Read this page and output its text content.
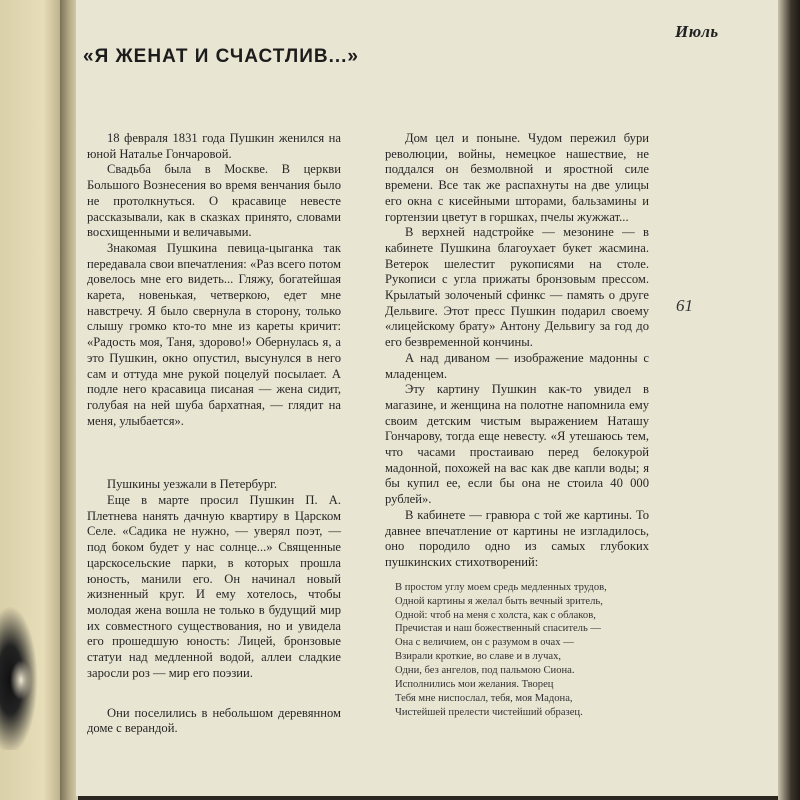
Июль
«Я ЖЕНАТ И СЧАСТЛИВ...»
61

18 февраля 1831 года Пушкин женился на юной Наталье Гончаровой.

Свадьба была в Москве. В церкви Большого Вознесения во время венчания было не протолкнуться. О красавице невесте рассказывали, как в сказках принято, словами восхищенными и величавыми.

Знакомая Пушкина певица-цыганка так передавала свои впечатления: «Раз всего потом довелось мне его видеть... Гляжу, богатейшая карета, новенькая, четверкою, едет мне навстречу. Я было свернула в сторону, только слышу громко кто-то мне из кареты кричит: «Радость моя, Таня, здорово!» Обернулась я, а это Пушкин, окно опустил, высунулся в него сам и оттуда мне рукой поцелуй посылает. А подле него красавица писаная — жена сидит, голубая на ней шуба бархатная, — глядит на меня, улыбается».

Пушкины уезжали в Петербург.

Еще в марте просил Пушкин П. А. Плетнева нанять дачную квартиру в Царском Селе. «Садика не нужно, — уверял поэт, — под боком будет у нас солнце...» Священные царскосельские парки, в которых прошла юность, манили его. Он начинал новый жизненный круг. И ему хотелось, чтобы молодая жена вошла не только в будущий мир их совместного существования, но и увидела его прошедшую юность: Лицей, бронзовые статуи над медленной водой, аллеи сладкие заросли роз — мир его поэзии.

Они поселились в небольшом деревянном доме с верандой.

Дом цел и поныне. Чудом пережил бури революции, войны, немецкое нашествие, не поддался он безмолвной и яростной силе времени. Все так же распахнуты на две улицы его окна с кисейными шторами, бальзамины и гортензии цветут в горшках, пчелы жужжат...

В верхней надстройке — мезонине — в кабинете Пушкина благоухает букет жасмина. Ветерок шелестит рукописями на столе. Рукописи с угла прижаты бронзовым прессом. Крылатый золоченый сфинкс — память о друге Дельвиге. Этот пресс Пушкин подарил своему «лицейскому брату» Антону Дельвигу за год до его безвременной кончины.

А над диваном — изображение мадонны с младенцем.

Эту картину Пушкин как-то увидел в магазине, и женщина на полотне напомнила ему своим детским чистым выражением Наташу Гончарову, тогда еще невесту. «Я утешаюсь тем, что часами простаиваю перед белокурой мадонной, похожей на вас как две капли воды; я бы купил ее, если бы она не стоила 40 000 рублей».

В кабинете — гравюра с той же картины. То давнее впечатление от картины не изгладилось, оно породило одно из самых глубоких пушкинских стихотворений:

В простом углу моем средь медленных трудов,
Одной картины я желал быть вечный зритель,
Одной: чтоб на меня с холста, как с облаков,
Пречистая и наш божественный спаситель —
Она с величием, он с разумом в очах —
Взирали кроткие, во славе и в лучах,
Одни, без ангелов, под пальмою Сиона.
Исполнились мои желания. Творец
Тебя мне ниспослал, тебя, моя Мадона,
Чистейшей прелести чистейший образец.
